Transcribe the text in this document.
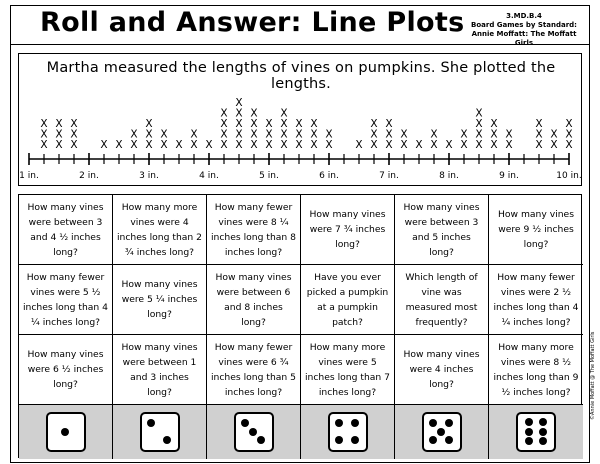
Roll and Answer: Line Plots	3.MD.B.4
Board Games by Standard:
Annie Moffatt: The Moffatt Girls
Martha measured the lengths of vines on pumpkins. She plotted the lengths.
1 in.	2 in.	3 in.	4 in.	5 in.	6 in.	7 in.	8 in.	9 in.	10 in.
X
X
X
X
X
X
X
X
X
X X X
X
X
X
X
X
X
X X
X
X X
X
X
X
X
X
X
X
X
X
X
X
X
X
X
X
X
X
X
X
X
X
X
X
X
X
X
X
X X
X
X
X
X
X
X
X
X X
X
X X
X
X
X
X
X
X
X
X
X
X
X
X
X
X
X
X
X
X
How many vines were between 3 and 4 ½ inches long?
How many more vines were 4 inches long than 2 ¾ inches long?
How many fewer vines were 8 ¼ inches long than 8 inches long?
How many vines were 7 ¾ inches long?
How many vines were between 3 and 5 inches long?
How many vines were 9 ½ inches long?
How many fewer vines were 5 ½ inches long than 4 ¼ inches long?
How many vines were 5 ¼ inches long?
How many vines were between 6 and 8 inches long?
Have you ever picked a pumpkin at a pumpkin patch?
Which length of vine was measured most frequently?
How many fewer vines were 2 ½ inches long than 4 ¼ inches long?
How many vines were 6 ½ inches long?
How many vines were between 1 and 3 inches long?
How many fewer vines were 6 ¾ inches long than 5 inches long?
How many more vines were 5 inches long than 7 inches long?
How many vines were 4 inches long?
How many more vines were 8 ½ inches long than 9 ½ inches long?	©Annie Moffatt @ The Moffatt Girls
